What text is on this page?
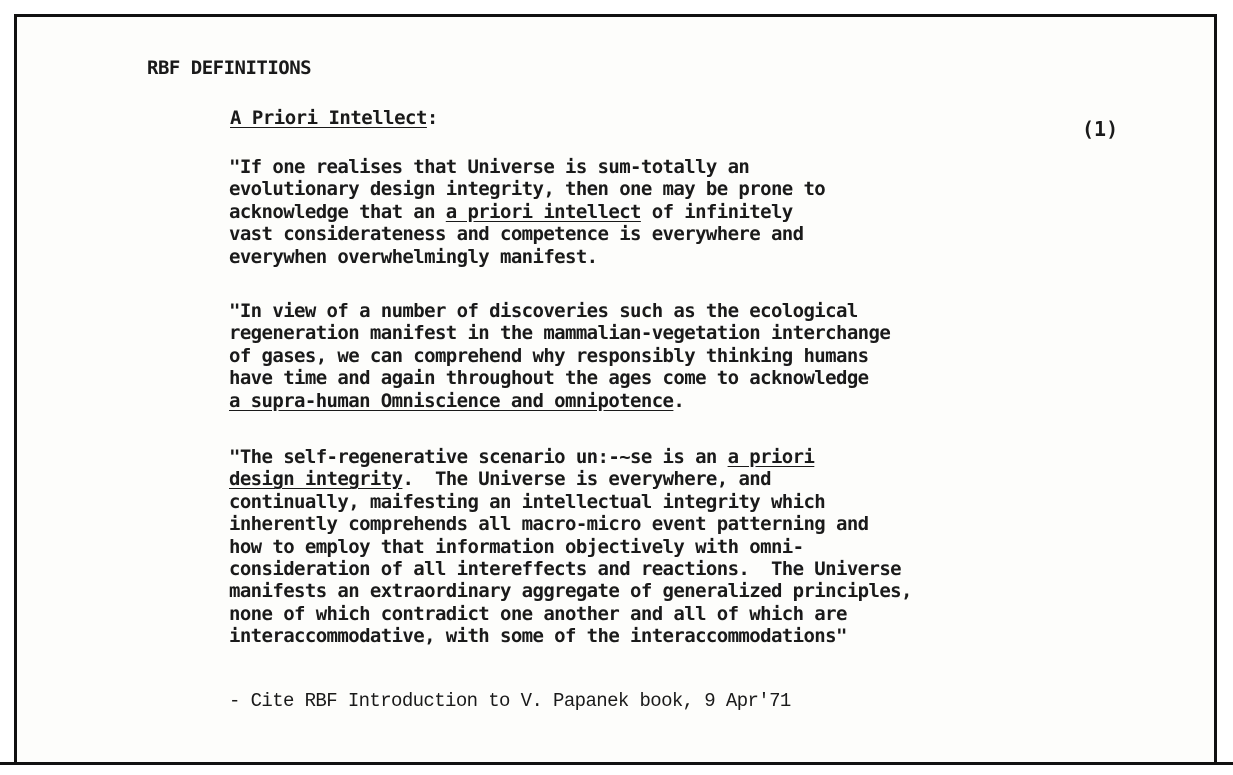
RBF DEFINITIONS

A Priori Intellect:	(1)

"If one realises that Universe is sum-totally an
evolutionary design integrity, then one may be prone to
acknowledge that an a priori intellect of infinitely
vast considerateness and competence is everywhere and
everywhen overwhelmingly manifest.
"In view of a number of discoveries such as the ecological
regeneration manifest in the mammalian-vegetation interchange
of gases, we can comprehend why responsibly thinking humans
have time and again throughout the ages come to acknowledge
a supra-human Omniscience and omnipotence.
"The self-regenerative scenario un:-~se is an a priori
design integrity.  The Universe is everywhere, and
continually, maifesting an intellectual integrity which
inherently comprehends all macro-micro event patterning and
how to employ that information objectively with omni-
consideration of all intereffects and reactions.  The Universe
manifests an extraordinary aggregate of generalized principles,
none of which contradict one another and all of which are
interaccommodative, with some of the interaccommodations"

- Cite RBF Introduction to V. Papanek book, 9 Apr'71
